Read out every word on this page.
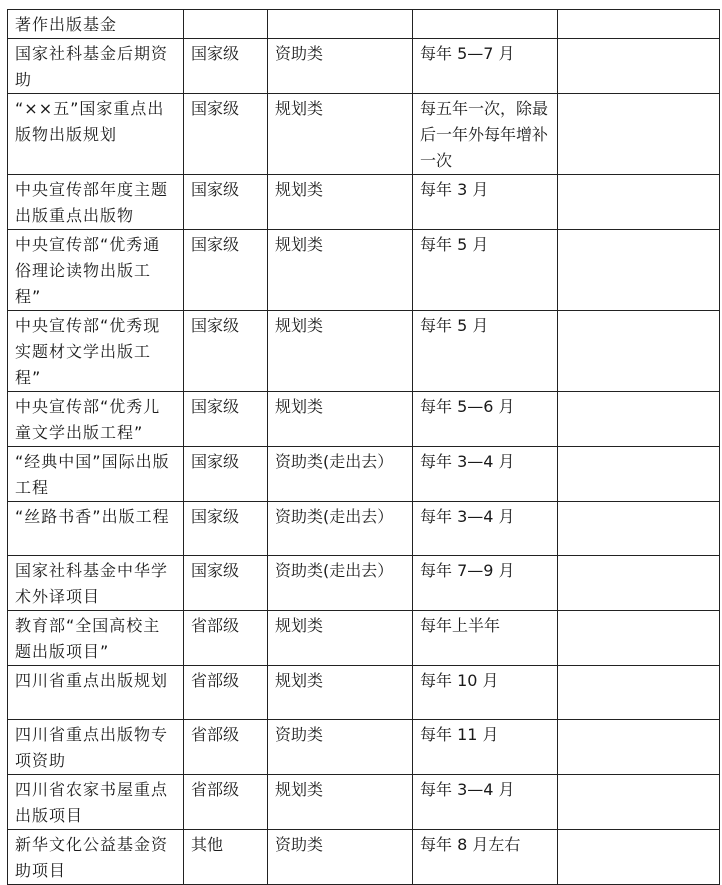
著作出版基金				
国家社科基金后期资助	国家级	资助类	每年 5—7 月	
“××五”国家重点出版物出版规划	国家级	规划类	每五年一次，除最后一年外每年增补一次	
中央宣传部年度主题出版重点出版物	国家级	规划类	每年 3 月	
中央宣传部“优秀通俗理论读物出版工程”	国家级	规划类	每年 5 月	
中央宣传部“优秀现实题材文学出版工程”	国家级	规划类	每年 5 月	
中央宣传部“优秀儿童文学出版工程”	国家级	规划类	每年 5—6 月	
“经典中国”国际出版工程	国家级	资助类(走出去）	每年 3—4 月	
“丝路书香”出版工程	国家级	资助类(走出去）	每年 3—4 月	
国家社科基金中华学术外译项目	国家级	资助类(走出去）	每年 7—9 月	
教育部“全国高校主题出版项目”	省部级	规划类	每年上半年	
四川省重点出版规划	省部级	规划类	每年 10 月	
四川省重点出版物专项资助	省部级	资助类	每年 11 月	
四川省农家书屋重点出版项目	省部级	规划类	每年 3—4 月	
新华文化公益基金资助项目	其他	资助类	每年 8 月左右	
